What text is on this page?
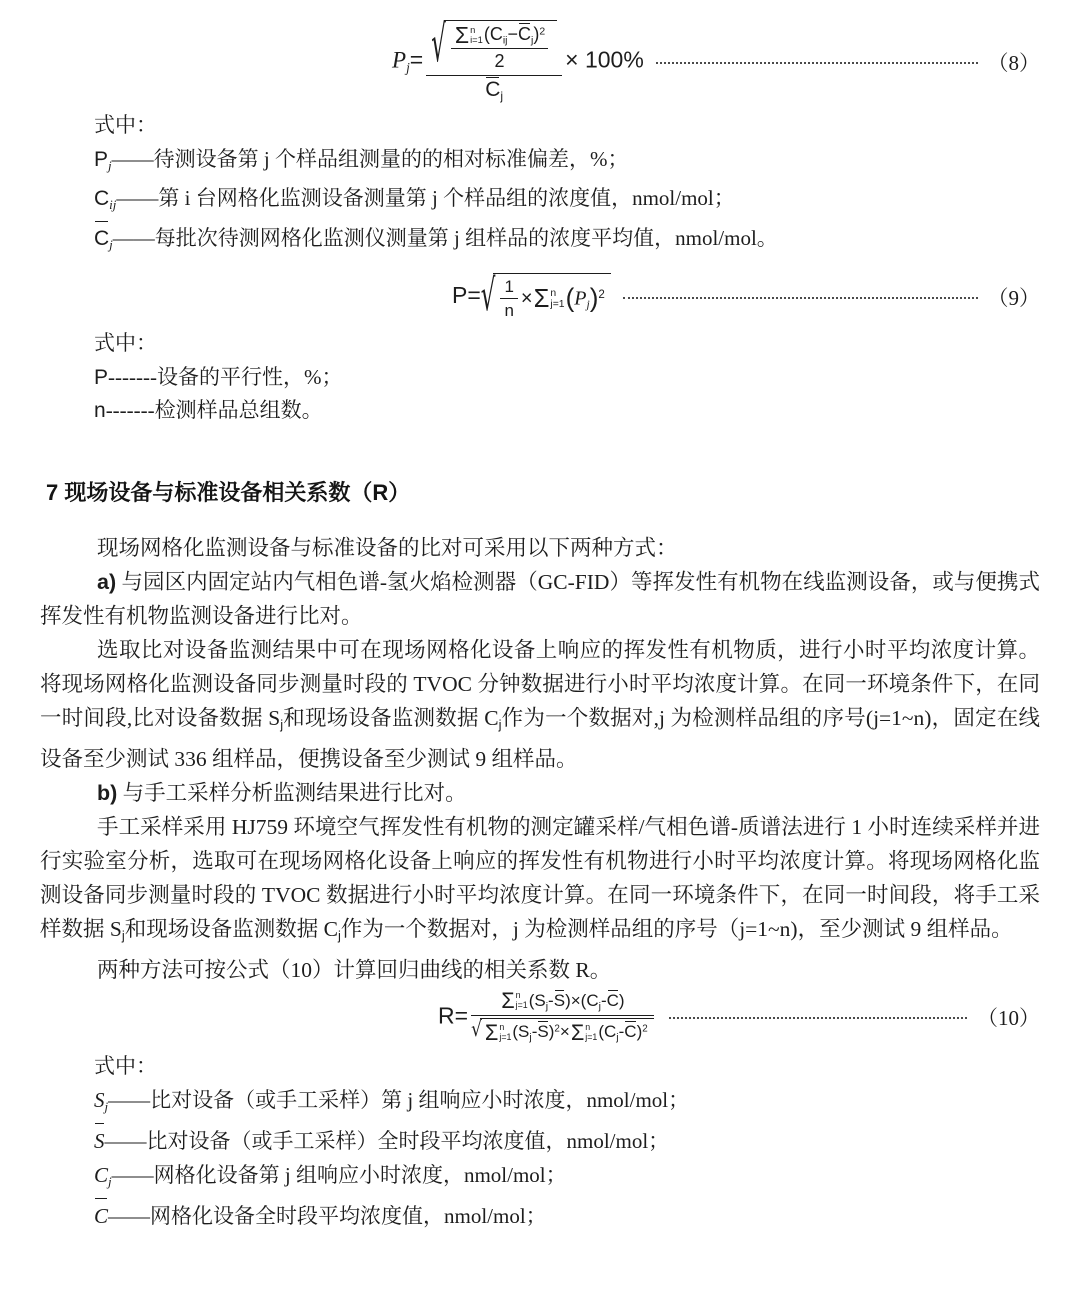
Pj= √ Σ n
i=1 $(Cij-Cj)^2$
2
Cj × 100%	（8）
式中：
Pj——待测设备第 j 个样品组测量的的相对标准偏差，%；
Cij——第 i 台网格化监测设备测量第 j 个样品组的浓度值，nmol/mol；
Cj——每批次待测网格化监测仪测量第 j 组样品的浓度平均值，nmol/mol。
P= √ $\frac{1}{n} \times \Sigma$ n
j=1 $(Pj)^2$	（9）
式中：
P-------设备的平行性，%；
n-------检测样品总组数。
7 现场设备与标准设备相关系数（R）

现场网格化监测设备与标准设备的比对可采用以下两种方式：

a) 与园区内固定站内气相色谱-氢火焰检测器（GC-FID）等挥发性有机物在线监测设备，或与便携式挥发性有机物监测设备进行比对。

选取比对设备监测结果中可在现场网格化设备上响应的挥发性有机物质，进行小时平均浓度计算。将现场网格化监测设备同步测量时段的 TVOC 分钟数据进行小时平均浓度计算。在同一环境条件下，在同一时间段,比对设备数据 Sj和现场设备监测数据 Cj作为一个数据对,j 为检测样品组的序号(j=1~n)，固定在线设备至少测试 336 组样品，便携设备至少测试 9 组样品。

b) 与手工采样分析监测结果进行比对。

手工采样采用 HJ759 环境空气挥发性有机物的测定罐采样/气相色谱-质谱法进行 1 小时连续采样并进行实验室分析，选取可在现场网格化设备上响应的挥发性有机物进行小时平均浓度计算。将现场网格化监测设备同步测量时段的 TVOC 数据进行小时平均浓度计算。在同一环境条件下，在同一时间段，将手工采样数据 Sj和现场设备监测数据 Cj作为一个数据对，j 为检测样品组的序号（j=1~n)，至少测试 9 组样品。

两种方法可按公式（10）计算回归曲线的相关系数 R。

R= Σ n
j=1 (Sj-S)×(Cj-C)
√ Σ n
j=1 $(Sj-S)^2\times \Sigma$ n
j=1 $(Cj-C)^2$	（10）
式中：
Sj——比对设备（或手工采样）第 j 组响应小时浓度，nmol/mol；
S——比对设备（或手工采样）全时段平均浓度值，nmol/mol；
Cj——网格化设备第 j 组响应小时浓度，nmol/mol；
C——网格化设备全时段平均浓度值，nmol/mol；
